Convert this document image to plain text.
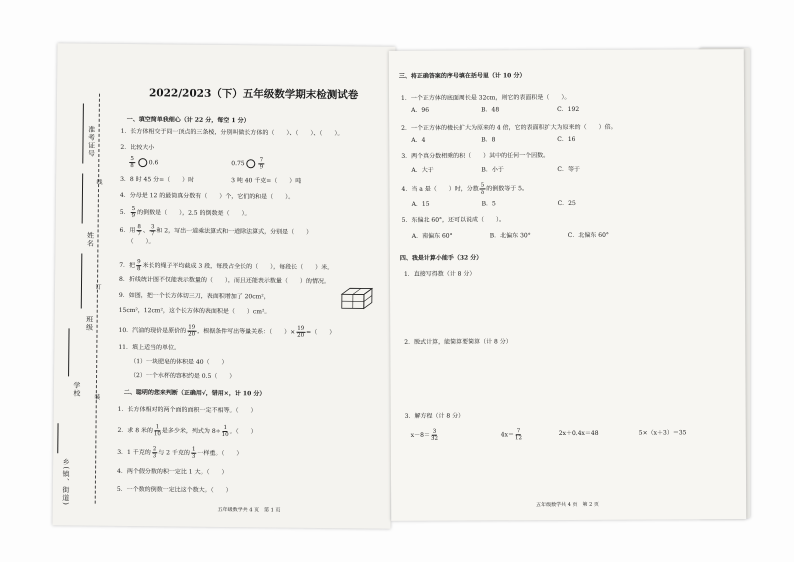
准考证号
姓名
班级
学校
乡(镇、街道)
线
订
装
2022/2023（下）五年级数学期末检测试卷
一、填空简单我细心（计 22 分，每空 1 分）
1．长方体相交于同一顶点的三条棱，分别叫做长方体的（　　）、（　　）、（　　）。
2．比较大小
$\frac{5}{8} 0.6$	0.75	$\frac{7}{9}$
3．8 时 45 分=（　　）时	3 吨 40 千克=（　　）吨
4．分母是 12 的最简真分数有（　　）个，它们的和是（　　）。
5． $\frac{5}{9}$ 的倒数是（　　），2.5 的倒数是（　　）。
6．用 $\frac{8}{7}$ 、 $\frac{3}{7}$ 和 2，写出一道乘法算式和一道除法算式，分别是（　　）
（　　）。
7．把 $\frac{9}{8}$ 米长的绳子平均截成 3 段，每段占全长的（　　），每段长（　　）米。
8．折线统计图不仅能表示数量的（　　），而且还能表示数量（　　）的情况。
9．如图，把一个长方体切三刀，表面积增加了 20cm²，
15cm²，12cm²，这个长方体的表面积是（　　）cm²。
10．汽油的现价是原价的 $\frac{19}{20}$ ，根据条件写出等量关系：（　　）× $\frac{19}{20}$ =（　　）
11．填上适当的单位。
（1）一块肥皂的体积是 40（　　）
（2）一个水杯的容积约是 0.5（　　）
二、聪明的您来判断（正确用√，错用×，计 10 分）
1．长方体相对的两个面的面积一定不相等。（　　）
2．求 8 米的 $\frac{1}{10}$ 是多少米，列式为 $8\div \frac{1}{10}$ 。（　　）
3．1 千克的 $\frac{2}{3}$ 与 2 千克的 $\frac{1}{3}$ 一样重。（　　）
4．两个假分数的积一定比 1 大。（　　）
5．一个数的倒数一定比这个数大。（　　）
五年级数学共 4 页　第 1 页
三、将正确答案的序号填在括号里（计 10 分）
1．一个正方体的底面周长是 32cm，则它的表面积是（　　）。
A．96	B．48	C．192
2．一个正方体的棱长扩大为原来的 4 倍，它的表面积扩大为原来的（　　）倍。
A．4	B．8	C．16
3．两个真分数相乘的积（　　）其中的任何一个因数。
A．大于	B．小于	C．等于
4．当 a 是（　　）时，分数 $\frac{5}{a}$ 的倒数等于 5。
A．15	B．5	C．25
5．东偏北 60°，还可以说成（　　）。
A．南偏东 60°	B．北偏东 30°	C．北偏东 60°
四、我是计算小能手（32 分）
1．直接写得数（计 8 分）
2．脱式计算，能简算要简算（计 8 分）
3．解方程（计 8 分）
$x-8= \frac{3}{32}$	$4x= \frac{7}{12}$	2x＋0.4x＝48	5×（x＋3）＝35
五年级数学共 4 页　第 2 页
